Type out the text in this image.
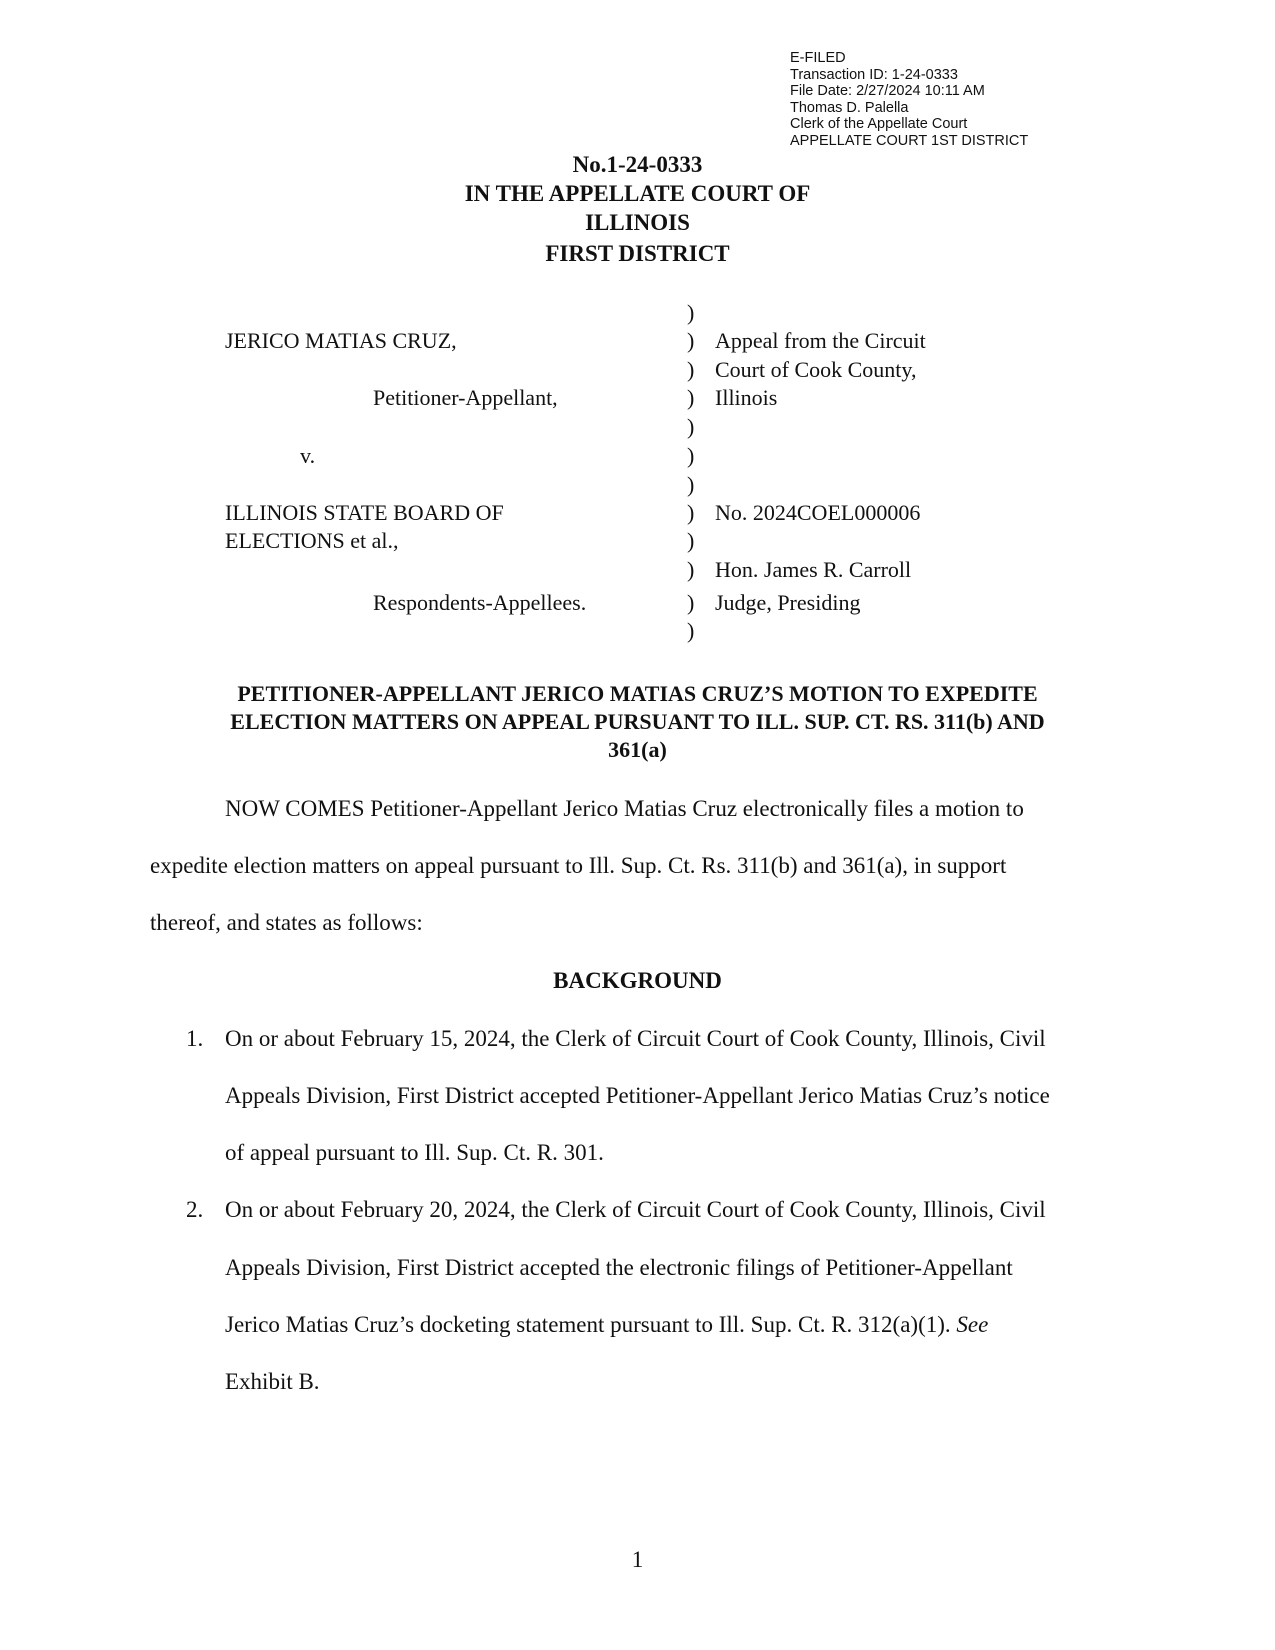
E-FILED
Transaction ID: 1-24-0333
File Date: 2/27/2024 10:11 AM
Thomas D. Palella
Clerk of the Appellate Court
APPELLATE COURT 1ST DISTRICT
No.1-24-0333
IN THE APPELLATE COURT OF
ILLINOIS
FIRST DISTRICT
JERICO MATIAS CRUZ,
Petitioner-Appellant,
v.
ILLINOIS STATE BOARD OF
ELECTIONS et al.,
Respondents-Appellees.
)
)
)
)
)
)
)
)
)
)
)
)
Appeal from the Circuit
Court of Cook County,
Illinois
No. 2024COEL000006
Hon. James R. Carroll
Judge, Presiding
PETITIONER-APPELLANT JERICO MATIAS CRUZ’S MOTION TO EXPEDITE
ELECTION MATTERS ON APPEAL PURSUANT TO ILL. SUP. CT. RS. 311(b) AND
361(a)
NOW COMES Petitioner-Appellant Jerico Matias Cruz electronically files a motion to
expedite election matters on appeal pursuant to Ill. Sup. Ct. Rs. 311(b) and 361(a), in support
thereof, and states as follows:
BACKGROUND
1. On or about February 15, 2024, the Clerk of Circuit Court of Cook County, Illinois, Civil
Appeals Division, First District accepted Petitioner-Appellant Jerico Matias Cruz’s notice
of appeal pursuant to Ill. Sup. Ct. R. 301.
2. On or about February 20, 2024, the Clerk of Circuit Court of Cook County, Illinois, Civil
Appeals Division, First District accepted the electronic filings of Petitioner-Appellant
Jerico Matias Cruz’s docketing statement pursuant to Ill. Sup. Ct. R. 312(a)(1). See
Exhibit B.
1
